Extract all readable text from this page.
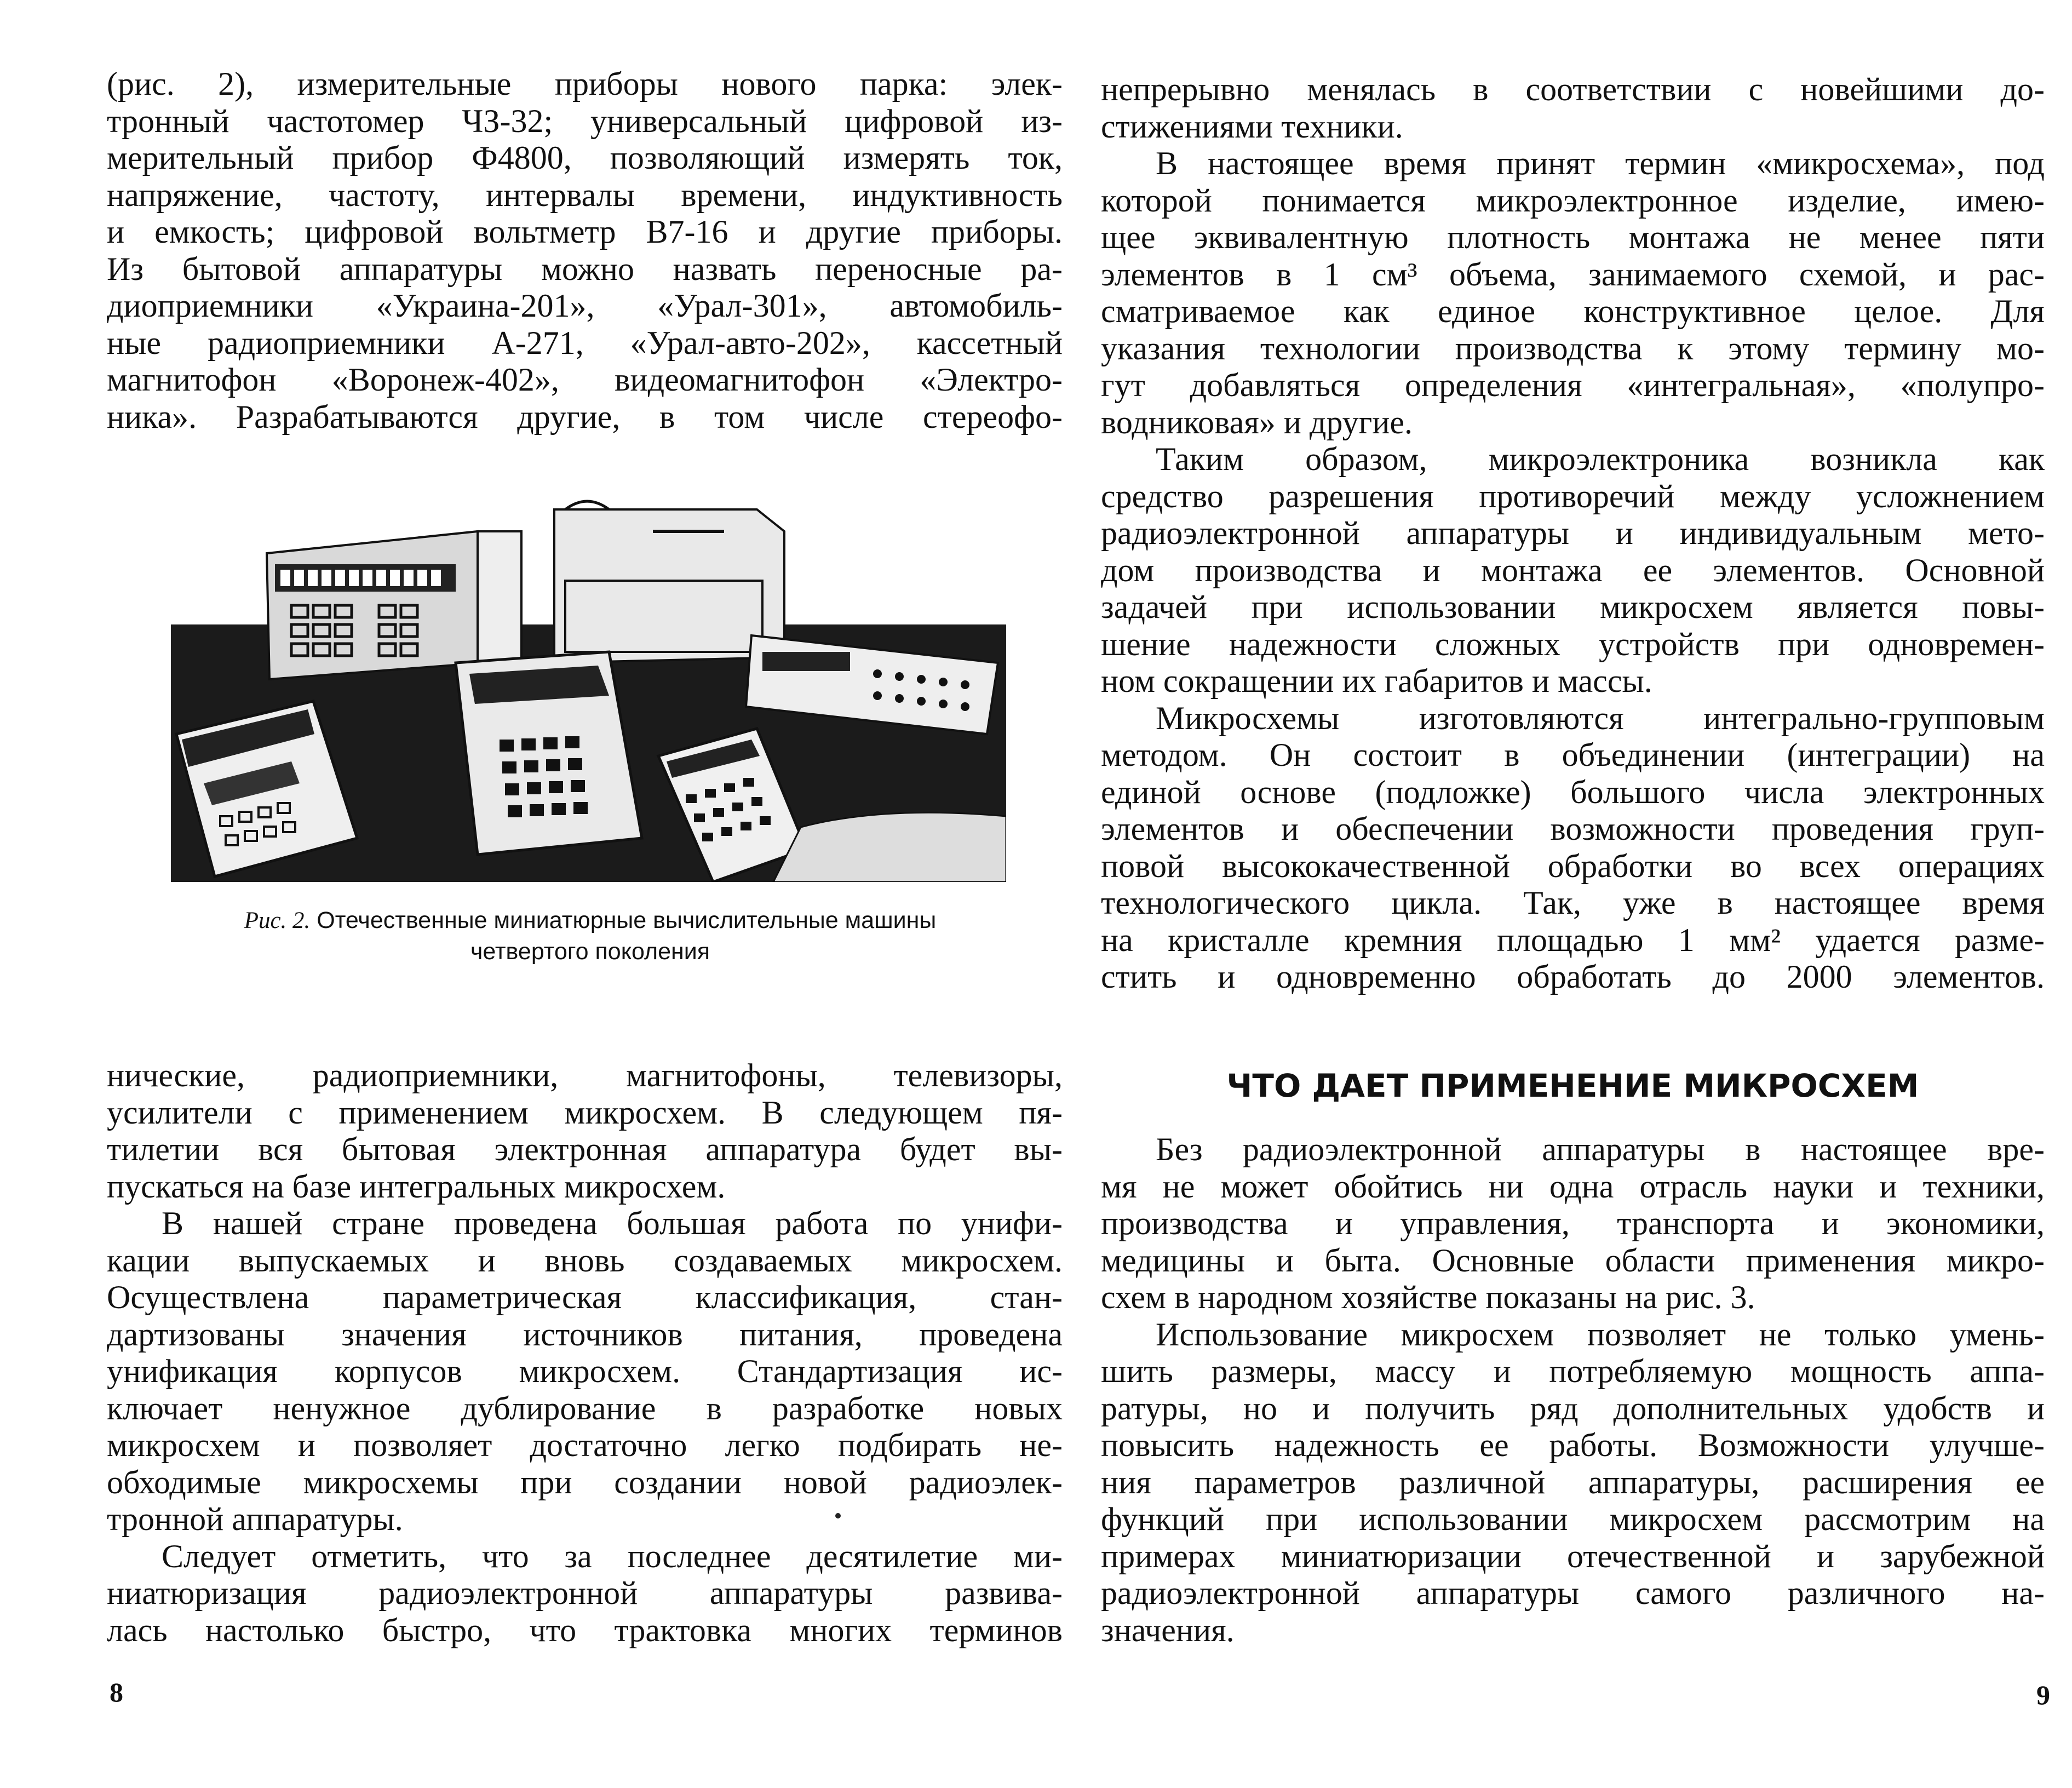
(рис. 2), измерительные приборы нового парка: элек-

тронный частотомер ЧЗ-32; универсальный цифровой из-

мерительный прибор Ф4800, позволяющий измерять ток,

напряжение, частоту, интервалы времени, индуктивность

и емкость; цифровой вольтметр В7-16 и другие приборы.

Из бытовой аппаратуры можно назвать переносные ра-

диоприемники «Украина-201», «Урал-301», автомобиль-

ные радиоприемники А-271, «Урал-авто-202», кассетный

магнитофон «Воронеж-402», видеомагнитофон «Электро-

ника». Разрабатываются другие, в том числе стереофо-

Рис. 2. Отечественные миниатюрные вычислительные машины
четвертого поколения

нические, радиоприемники, магнитофоны, телевизоры,

усилители с применением микросхем. В следующем пя-

тилетии вся бытовая электронная аппаратура будет вы-

пускаться на базе интегральных микросхем.

В нашей стране проведена большая работа по унифи-

кации выпускаемых и вновь создаваемых микросхем.

Осуществлена параметрическая классификация, стан-

дартизованы значения источников питания, проведена

унификация корпусов микросхем. Стандартизация ис-

ключает ненужное дублирование в разработке новых

микросхем и позволяет достаточно легко подбирать не-

обходимые микросхемы при создании новой радиоэлек-

тронной аппаратуры.

Следует отметить, что за последнее десятилетие ми-

ниатюризация радиоэлектронной аппаратуры развива-

лась настолько быстро, что трактовка многих терминов

8

непрерывно менялась в соответствии с новейшими до-

стижениями техники.

В настоящее время принят термин «микросхема», под

которой понимается микроэлектронное изделие, имею-

щее эквивалентную плотность монтажа не менее пяти

элементов в 1 см³ объема, занимаемого схемой, и рас-

сматриваемое как единое конструктивное целое. Для

указания технологии производства к этому термину мо-

гут добавляться определения «интегральная», «полупро-

водниковая» и другие.

Таким образом, микроэлектроника возникла как

средство разрешения противоречий между усложнением

радиоэлектронной аппаратуры и индивидуальным мето-

дом производства и монтажа ее элементов. Основной

задачей при использовании микросхем является повы-

шение надежности сложных устройств при одновремен-

ном сокращении их габаритов и массы.

Микросхемы изготовляются интегрально-групповым

методом. Он состоит в объединении (интеграции) на

единой основе (подложке) большого числа электронных

элементов и обеспечении возможности проведения груп-

повой высококачественной обработки во всех операциях

технологического цикла. Так, уже в настоящее время

на кристалле кремния площадью 1 мм² удается разме-

стить и одновременно обработать до 2000 элементов.

ЧТО ДАЕТ ПРИМЕНЕНИЕ МИКРОСХЕМ

Без радиоэлектронной аппаратуры в настоящее вре-

мя не может обойтись ни одна отрасль науки и техники,

производства и управления, транспорта и экономики,

медицины и быта. Основные области применения микро-

схем в народном хозяйстве показаны на рис. 3.

Использование микросхем позволяет не только умень-

шить размеры, массу и потребляемую мощность аппа-

ратуры, но и получить ряд дополнительных удобств и

повысить надежность ее работы. Возможности улучше-

ния параметров различной аппаратуры, расширения ее

функций при использовании микросхем рассмотрим на

примерах миниатюризации отечественной и зарубежной

радиоэлектронной аппаратуры самого различного на-

значения.

9
